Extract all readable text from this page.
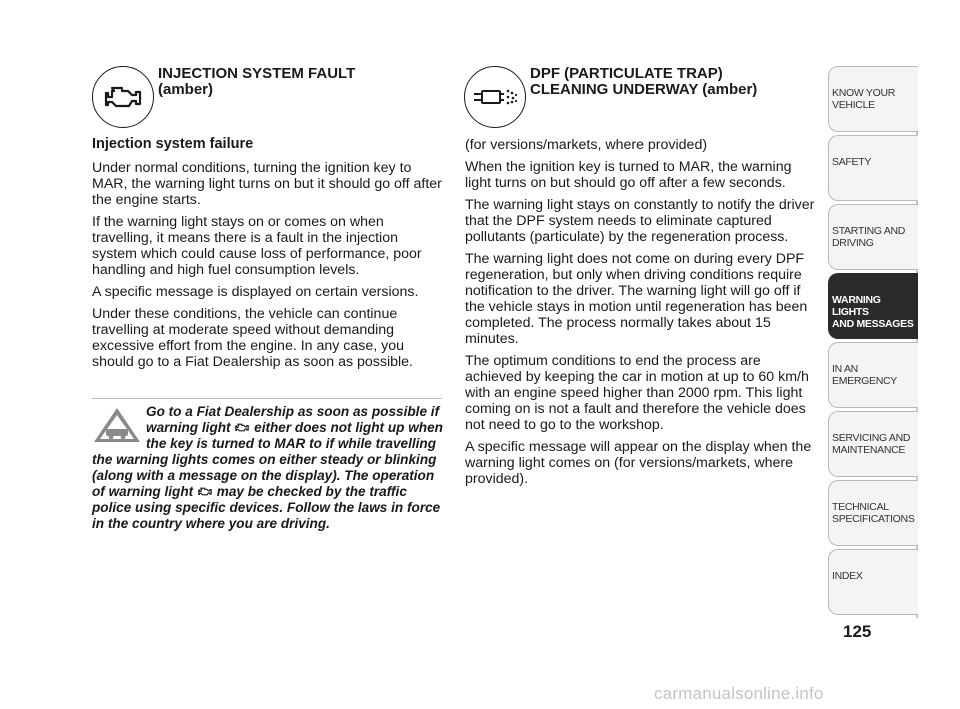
INJECTION SYSTEM FAULT
(amber)

Injection system failure

Under normal conditions, turning the ignition key to MAR, the warning light turns on but it should go off after the engine starts.

If the warning light stays on or comes on when travelling, it means there is a fault in the injection system which could cause loss of performance, poor handling and high fuel consumption levels.

A specific message is displayed on certain versions.

Under these conditions, the vehicle can continue travelling at moderate speed without demanding excessive effort from the engine. In any case, you should go to a Fiat Dealership as soon as possible.

Go to a Fiat Dealership as soon as possible if warning light either does not light up when the key is turned to MAR to if while travelling the warning lights comes on either steady or blinking (along with a message on the display). The operation of warning light may be checked by the traffic police using specific devices. Follow the laws in force in the country where you are driving.
DPF (PARTICULATE TRAP)
CLEANING UNDERWAY (amber)

(for versions/markets, where provided)

When the ignition key is turned to MAR, the warning light turns on but should go off after a few seconds.

The warning light stays on constantly to notify the driver that the DPF system needs to eliminate captured pollutants (particulate) by the regeneration process.

The warning light does not come on during every DPF regeneration, but only when driving conditions require notification to the driver. The warning light will go off if the vehicle stays in motion until regeneration has been completed. The process normally takes about 15 minutes.

The optimum conditions to end the process are achieved by keeping the car in motion at up to 60 km/h with an engine speed higher than 2000 rpm. This light coming on is not a fault and therefore the vehicle does not need to go to the workshop.

A specific message will appear on the display when the warning light comes on (for versions/markets, where provided).

KNOW YOUR
VEHICLE
SAFETY
STARTING AND
DRIVING
WARNING LIGHTS
AND MESSAGES
IN AN EMERGENCY
SERVICING AND
MAINTENANCE
TECHNICAL
SPECIFICATIONS
INDEX
125
carmanualsonline.info
